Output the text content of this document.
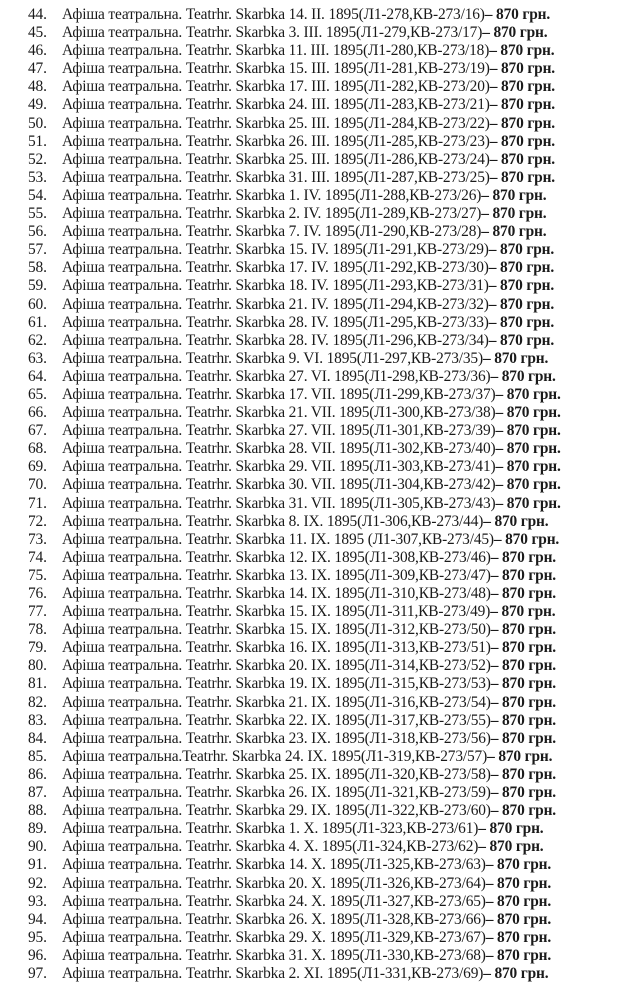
44. Афіша театральна. Teatrhr. Skarbka 14. II. 1895(Л1-278,КВ-273/16)– 870 грн.
45. Афіша театральна. Teatrhr. Skarbka 3. III. 1895(Л1-279,КВ-273/17)– 870 грн.
46. Афіша театральна. Teatrhr. Skarbka 11. III. 1895(Л1-280,КВ-273/18)– 870 грн.
47. Афіша театральна. Teatrhr. Skarbka 15. III. 1895(Л1-281,КВ-273/19)– 870 грн.
48. Афіша театральна. Teatrhr. Skarbka 17. III. 1895(Л1-282,КВ-273/20)– 870 грн.
49. Афіша театральна. Teatrhr. Skarbka 24. III. 1895(Л1-283,КВ-273/21)– 870 грн.
50. Афіша театральна. Teatrhr. Skarbka 25. III. 1895(Л1-284,КВ-273/22)– 870 грн.
51. Афіша театральна. Teatrhr. Skarbka 26. III. 1895(Л1-285,КВ-273/23)– 870 грн.
52. Афіша театральна. Teatrhr. Skarbka 25. III. 1895(Л1-286,КВ-273/24)– 870 грн.
53. Афіша театральна. Teatrhr. Skarbka 31. III. 1895(Л1-287,КВ-273/25)– 870 грн.
54. Афіша театральна. Teatrhr. Skarbka 1. IV. 1895(Л1-288,КВ-273/26)– 870 грн.
55. Афіша театральна. Teatrhr. Skarbka 2. IV. 1895(Л1-289,КВ-273/27)– 870 грн.
56. Афіша театральна. Teatrhr. Skarbka 7. IV. 1895(Л1-290,КВ-273/28)– 870 грн.
57. Афіша театральна. Teatrhr. Skarbka 15. IV. 1895(Л1-291,КВ-273/29)– 870 грн.
58. Афіша театральна. Teatrhr. Skarbka 17. IV. 1895(Л1-292,КВ-273/30)– 870 грн.
59. Афіша театральна. Teatrhr. Skarbka 18. IV. 1895(Л1-293,КВ-273/31)– 870 грн.
60. Афіша театральна. Teatrhr. Skarbka 21. IV. 1895(Л1-294,КВ-273/32)– 870 грн.
61. Афіша театральна. Teatrhr. Skarbka 28. IV. 1895(Л1-295,КВ-273/33)– 870 грн.
62. Афіша театральна. Teatrhr. Skarbka 28. IV. 1895(Л1-296,КВ-273/34)– 870 грн.
63. Афіша театральна. Teatrhr. Skarbka 9. VI. 1895(Л1-297,КВ-273/35)– 870 грн.
64. Афіша театральна. Teatrhr. Skarbka 27. VI. 1895(Л1-298,КВ-273/36)– 870 грн.
65. Афіша театральна. Teatrhr. Skarbka 17. VII. 1895(Л1-299,КВ-273/37)– 870 грн.
66. Афіша театральна. Teatrhr. Skarbka 21. VII. 1895(Л1-300,КВ-273/38)– 870 грн.
67. Афіша театральна. Teatrhr. Skarbka 27. VII. 1895(Л1-301,КВ-273/39)– 870 грн.
68. Афіша театральна. Teatrhr. Skarbka 28. VII. 1895(Л1-302,КВ-273/40)– 870 грн.
69. Афіша театральна. Teatrhr. Skarbka 29. VII. 1895(Л1-303,КВ-273/41)– 870 грн.
70. Афіша театральна. Teatrhr. Skarbka 30. VII. 1895(Л1-304,КВ-273/42)– 870 грн.
71. Афіша театральна. Teatrhr. Skarbka 31. VII. 1895(Л1-305,КВ-273/43)– 870 грн.
72. Афіша театральна. Teatrhr. Skarbka 8. IX. 1895(Л1-306,КВ-273/44)– 870 грн.
73. Афіша театральна. Teatrhr. Skarbka 11. IX. 1895 (Л1-307,КВ-273/45)– 870 грн.
74. Афіша театральна. Teatrhr. Skarbka 12. IX. 1895(Л1-308,КВ-273/46)– 870 грн.
75. Афіша театральна. Teatrhr. Skarbka 13. IX. 1895(Л1-309,КВ-273/47)– 870 грн.
76. Афіша театральна. Teatrhr. Skarbka 14. IX. 1895(Л1-310,КВ-273/48)– 870 грн.
77. Афіша театральна. Teatrhr. Skarbka 15. IX. 1895(Л1-311,КВ-273/49)– 870 грн.
78. Афіша театральна. Teatrhr. Skarbka 15. IX. 1895(Л1-312,КВ-273/50)– 870 грн.
79. Афіша театральна. Teatrhr. Skarbka 16. IX. 1895(Л1-313,КВ-273/51)– 870 грн.
80. Афіша театральна. Teatrhr. Skarbka 20. IX. 1895(Л1-314,КВ-273/52)– 870 грн.
81. Афіша театральна. Teatrhr. Skarbka 19. IX. 1895(Л1-315,КВ-273/53)– 870 грн.
82. Афіша театральна. Teatrhr. Skarbka 21. IX. 1895(Л1-316,КВ-273/54)– 870 грн.
83. Афіша театральна. Teatrhr. Skarbka 22. IX. 1895(Л1-317,КВ-273/55)– 870 грн.
84. Афіша театральна. Teatrhr. Skarbka 23. IX. 1895(Л1-318,КВ-273/56)– 870 грн.
85. Афіша театральна.Teatrhr. Skarbka 24. IX. 1895(Л1-319,КВ-273/57)– 870 грн.
86. Афіша театральна. Teatrhr. Skarbka 25. IX. 1895(Л1-320,КВ-273/58)– 870 грн.
87. Афіша театральна. Teatrhr. Skarbka 26. IX. 1895(Л1-321,КВ-273/59)– 870 грн.
88. Афіша театральна. Teatrhr. Skarbka 29. IX. 1895(Л1-322,КВ-273/60)– 870 грн.
89. Афіша театральна. Teatrhr. Skarbka 1. X. 1895(Л1-323,КВ-273/61)– 870 грн.
90. Афіша театральна. Teatrhr. Skarbka 4. X. 1895(Л1-324,КВ-273/62)– 870 грн.
91. Афіша театральна. Teatrhr. Skarbka 14. X. 1895(Л1-325,КВ-273/63)– 870 грн.
92. Афіша театральна. Teatrhr. Skarbka 20. X. 1895(Л1-326,КВ-273/64)– 870 грн.
93. Афіша театральна. Teatrhr. Skarbka 24. X. 1895(Л1-327,КВ-273/65)– 870 грн.
94. Афіша театральна. Teatrhr. Skarbka 26. X. 1895(Л1-328,КВ-273/66)– 870 грн.
95. Афіша театральна. Teatrhr. Skarbka 29. X. 1895(Л1-329,КВ-273/67)– 870 грн.
96. Афіша театральна. Teatrhr. Skarbka 31. X. 1895(Л1-330,КВ-273/68)– 870 грн.
97. Афіша театральна. Teatrhr. Skarbka 2. XI. 1895(Л1-331,КВ-273/69)– 870 грн.
